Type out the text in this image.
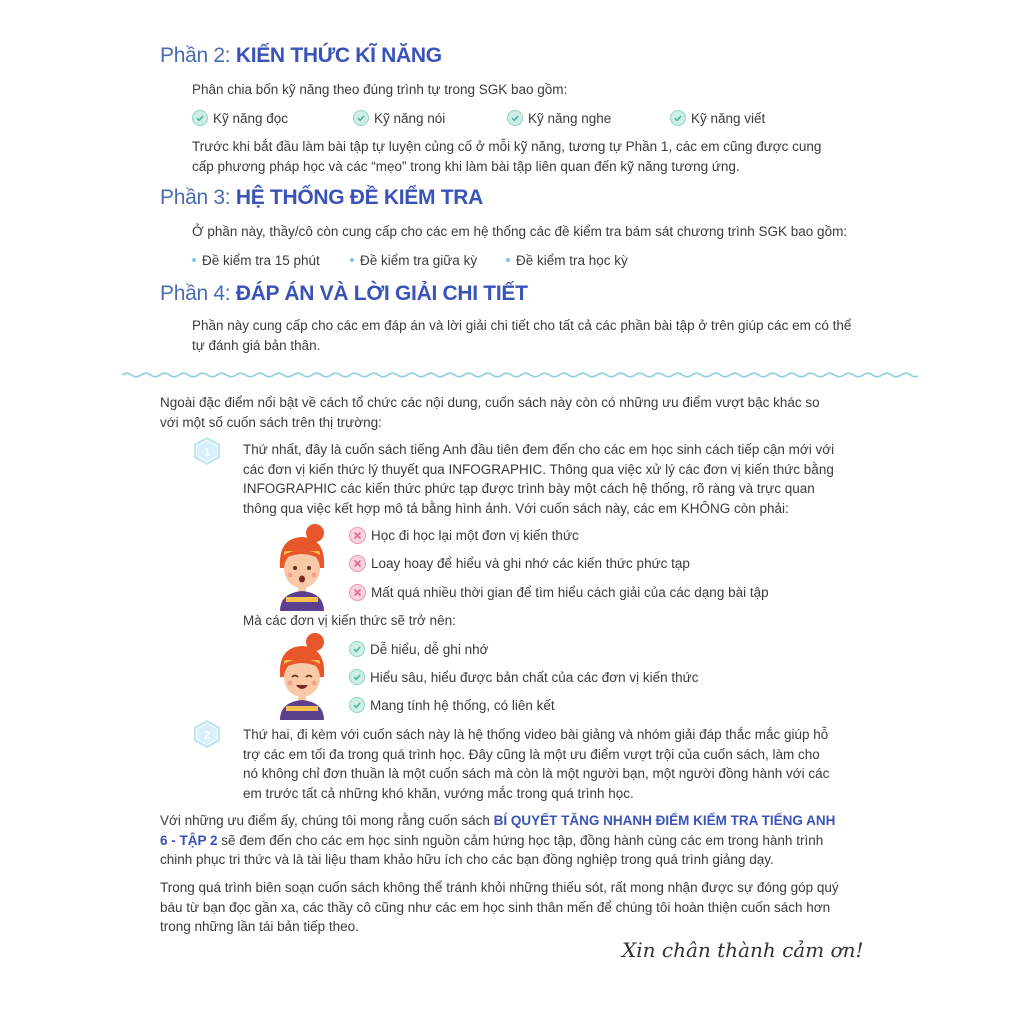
Phần 2: KIẾN THỨC KĨ NĂNG
Phân chia bốn kỹ năng theo đúng trình tự trong SGK bao gồm:
Kỹ năng đọc	Kỹ năng nói	Kỹ năng nghe	Kỹ năng viết
Trước khi bắt đầu làm bài tập tự luyện củng cố ở mỗi kỹ năng, tương tự Phần 1, các em cũng được cung cấp phương pháp học và các “mẹo” trong khi làm bài tập liên quan đến kỹ năng tương ứng.
Phần 3: HỆ THỐNG ĐỀ KIỂM TRA
Ở phần này, thầy/cô còn cung cấp cho các em hệ thống các đề kiểm tra bám sát chương trình SGK bao gồm:
Đề kiểm tra 15 phút	Đề kiểm tra giữa kỳ	Đề kiểm tra học kỳ
Phần 4: ĐÁP ÁN VÀ LỜI GIẢI CHI TIẾT
Phần này cung cấp cho các em đáp án và lời giải chi tiết cho tất cả các phần bài tập ở trên giúp các em có thể tự đánh giá bản thân.
Ngoài đặc điểm nổi bật về cách tổ chức các nội dung, cuốn sách này còn có những ưu điểm vượt bậc khác so với một số cuốn sách trên thị trường:
1 Thứ nhất, đây là cuốn sách tiếng Anh đầu tiên đem đến cho các em học sinh cách tiếp cận mới với các đơn vị kiến thức lý thuyết qua INFOGRAPHIC. Thông qua việc xử lý các đơn vị kiến thức bằng INFOGRAPHIC các kiến thức phức tạp được trình bày một cách hệ thống, rõ ràng và trực quan thông qua việc kết hợp mô tả bằng hình ảnh. Với cuốn sách này, các em KHÔNG còn phải:
Học đi học lại một đơn vị kiến thức
Loay hoay để hiểu và ghi nhớ các kiến thức phức tạp
Mất quá nhiều thời gian để tìm hiểu cách giải của các dạng bài tập
Mà các đơn vị kiến thức sẽ trở nên:
Dễ hiểu, dễ ghi nhớ
Hiểu sâu, hiểu được bản chất của các đơn vị kiến thức
Mang tính hệ thống, có liên kết
2 Thứ hai, đi kèm với cuốn sách này là hệ thống video bài giảng và nhóm giải đáp thắc mắc giúp hỗ trợ các em tối đa trong quá trình học. Đây cũng là một ưu điểm vượt trội của cuốn sách, làm cho nó không chỉ đơn thuần là một cuốn sách mà còn là một người bạn, một người đồng hành với các em trước tất cả những khó khăn, vướng mắc trong quá trình học.
Với những ưu điểm ấy, chúng tôi mong rằng cuốn sách BÍ QUYẾT TĂNG NHANH ĐIỂM KIỂM TRA TIẾNG ANH 6 - TẬP 2 sẽ đem đến cho các em học sinh nguồn cảm hứng học tập, đồng hành cùng các em trong hành trình chinh phục tri thức và là tài liệu tham khảo hữu ích cho các bạn đồng nghiệp trong quá trình giảng dạy.
Trong quá trình biên soạn cuốn sách không thể tránh khỏi những thiếu sót, rất mong nhận được sự đóng góp quý báu từ bạn đọc gần xa, các thầy cô cũng như các em học sinh thân mến để chúng tôi hoàn thiện cuốn sách hơn trong những lần tái bản tiếp theo.
Xin chân thành cảm ơn!
